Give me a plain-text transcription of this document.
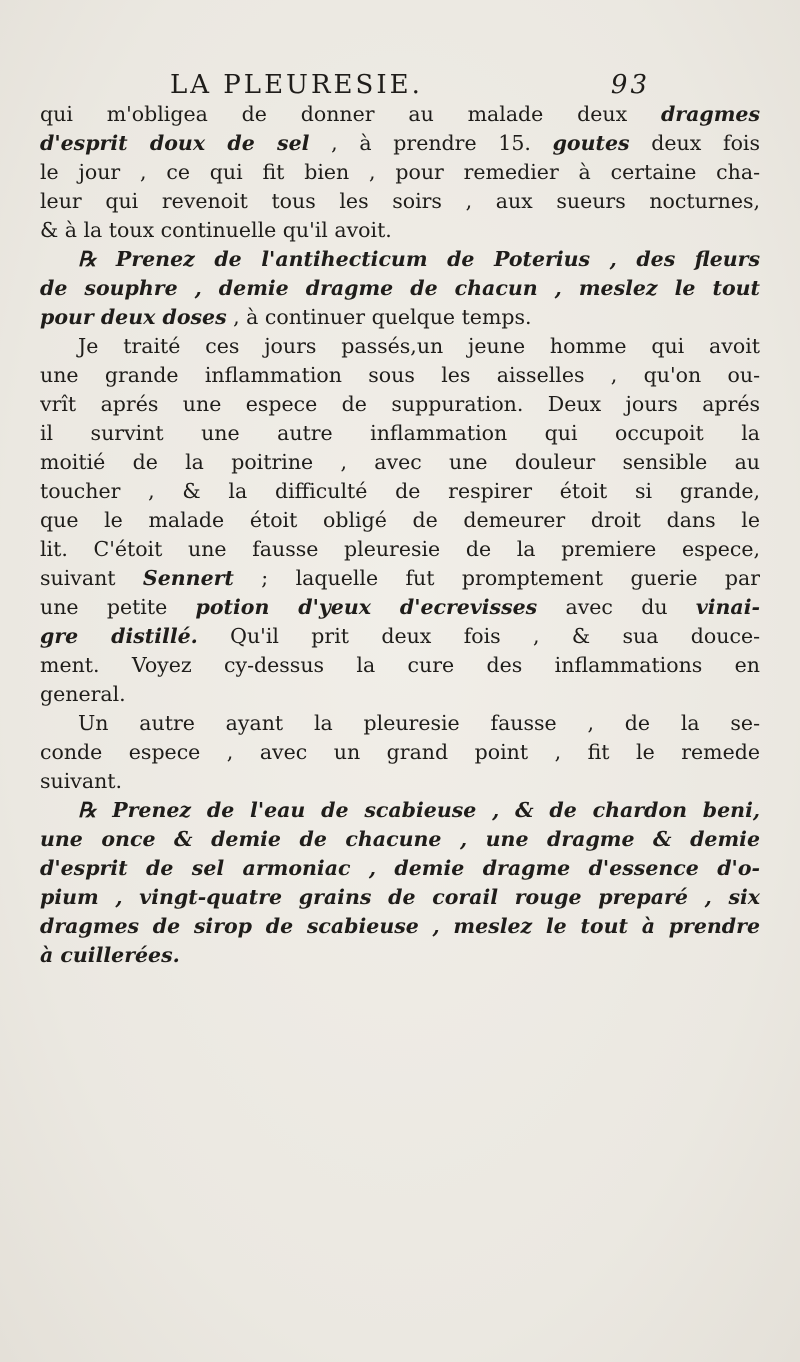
LA PLEURESIE.	93
qui m'obligea de donner au malade deux dragmes
d'esprit doux de sel , à prendre 15. goutes deux fois
le jour , ce qui fit bien , pour remedier à certaine cha-
leur qui revenoit tous les soirs , aux sueurs nocturnes,
& à la toux continuelle qu'il avoit.
℞ Prenez de l'antihecticum de Poterius , des fleurs
de souphre , demie dragme de chacun , meslez le tout
pour deux doses , à continuer quelque temps.
Je traité ces jours passés,un jeune homme qui avoit
une grande inflammation sous les aisselles , qu'on ou-
vrît aprés une espece de suppuration. Deux jours aprés
il survint une autre inflammation qui occupoit la
moitié de la poitrine , avec une douleur sensible au
toucher , & la difficulté de respirer étoit si grande,
que le malade étoit obligé de demeurer droit dans le
lit. C'étoit une fausse pleuresie de la premiere espece,
suivant Sennert ; laquelle fut promptement guerie par
une petite potion d'yeux d'ecrevisses avec du vinai-
gre distillé. Qu'il prit deux fois , & sua douce-
ment. Voyez cy-dessus la cure des inflammations en
general.
Un autre ayant la pleuresie fausse , de la se-
conde espece , avec un grand point , fit le remede
suivant.
℞ Prenez de l'eau de scabieuse , & de chardon beni,
une once & demie de chacune , une dragme & demie
d'esprit de sel armoniac , demie dragme d'essence d'o-
pium , vingt-quatre grains de corail rouge preparé , six
dragmes de sirop de scabieuse , meslez le tout à prendre
à cuillerées.
